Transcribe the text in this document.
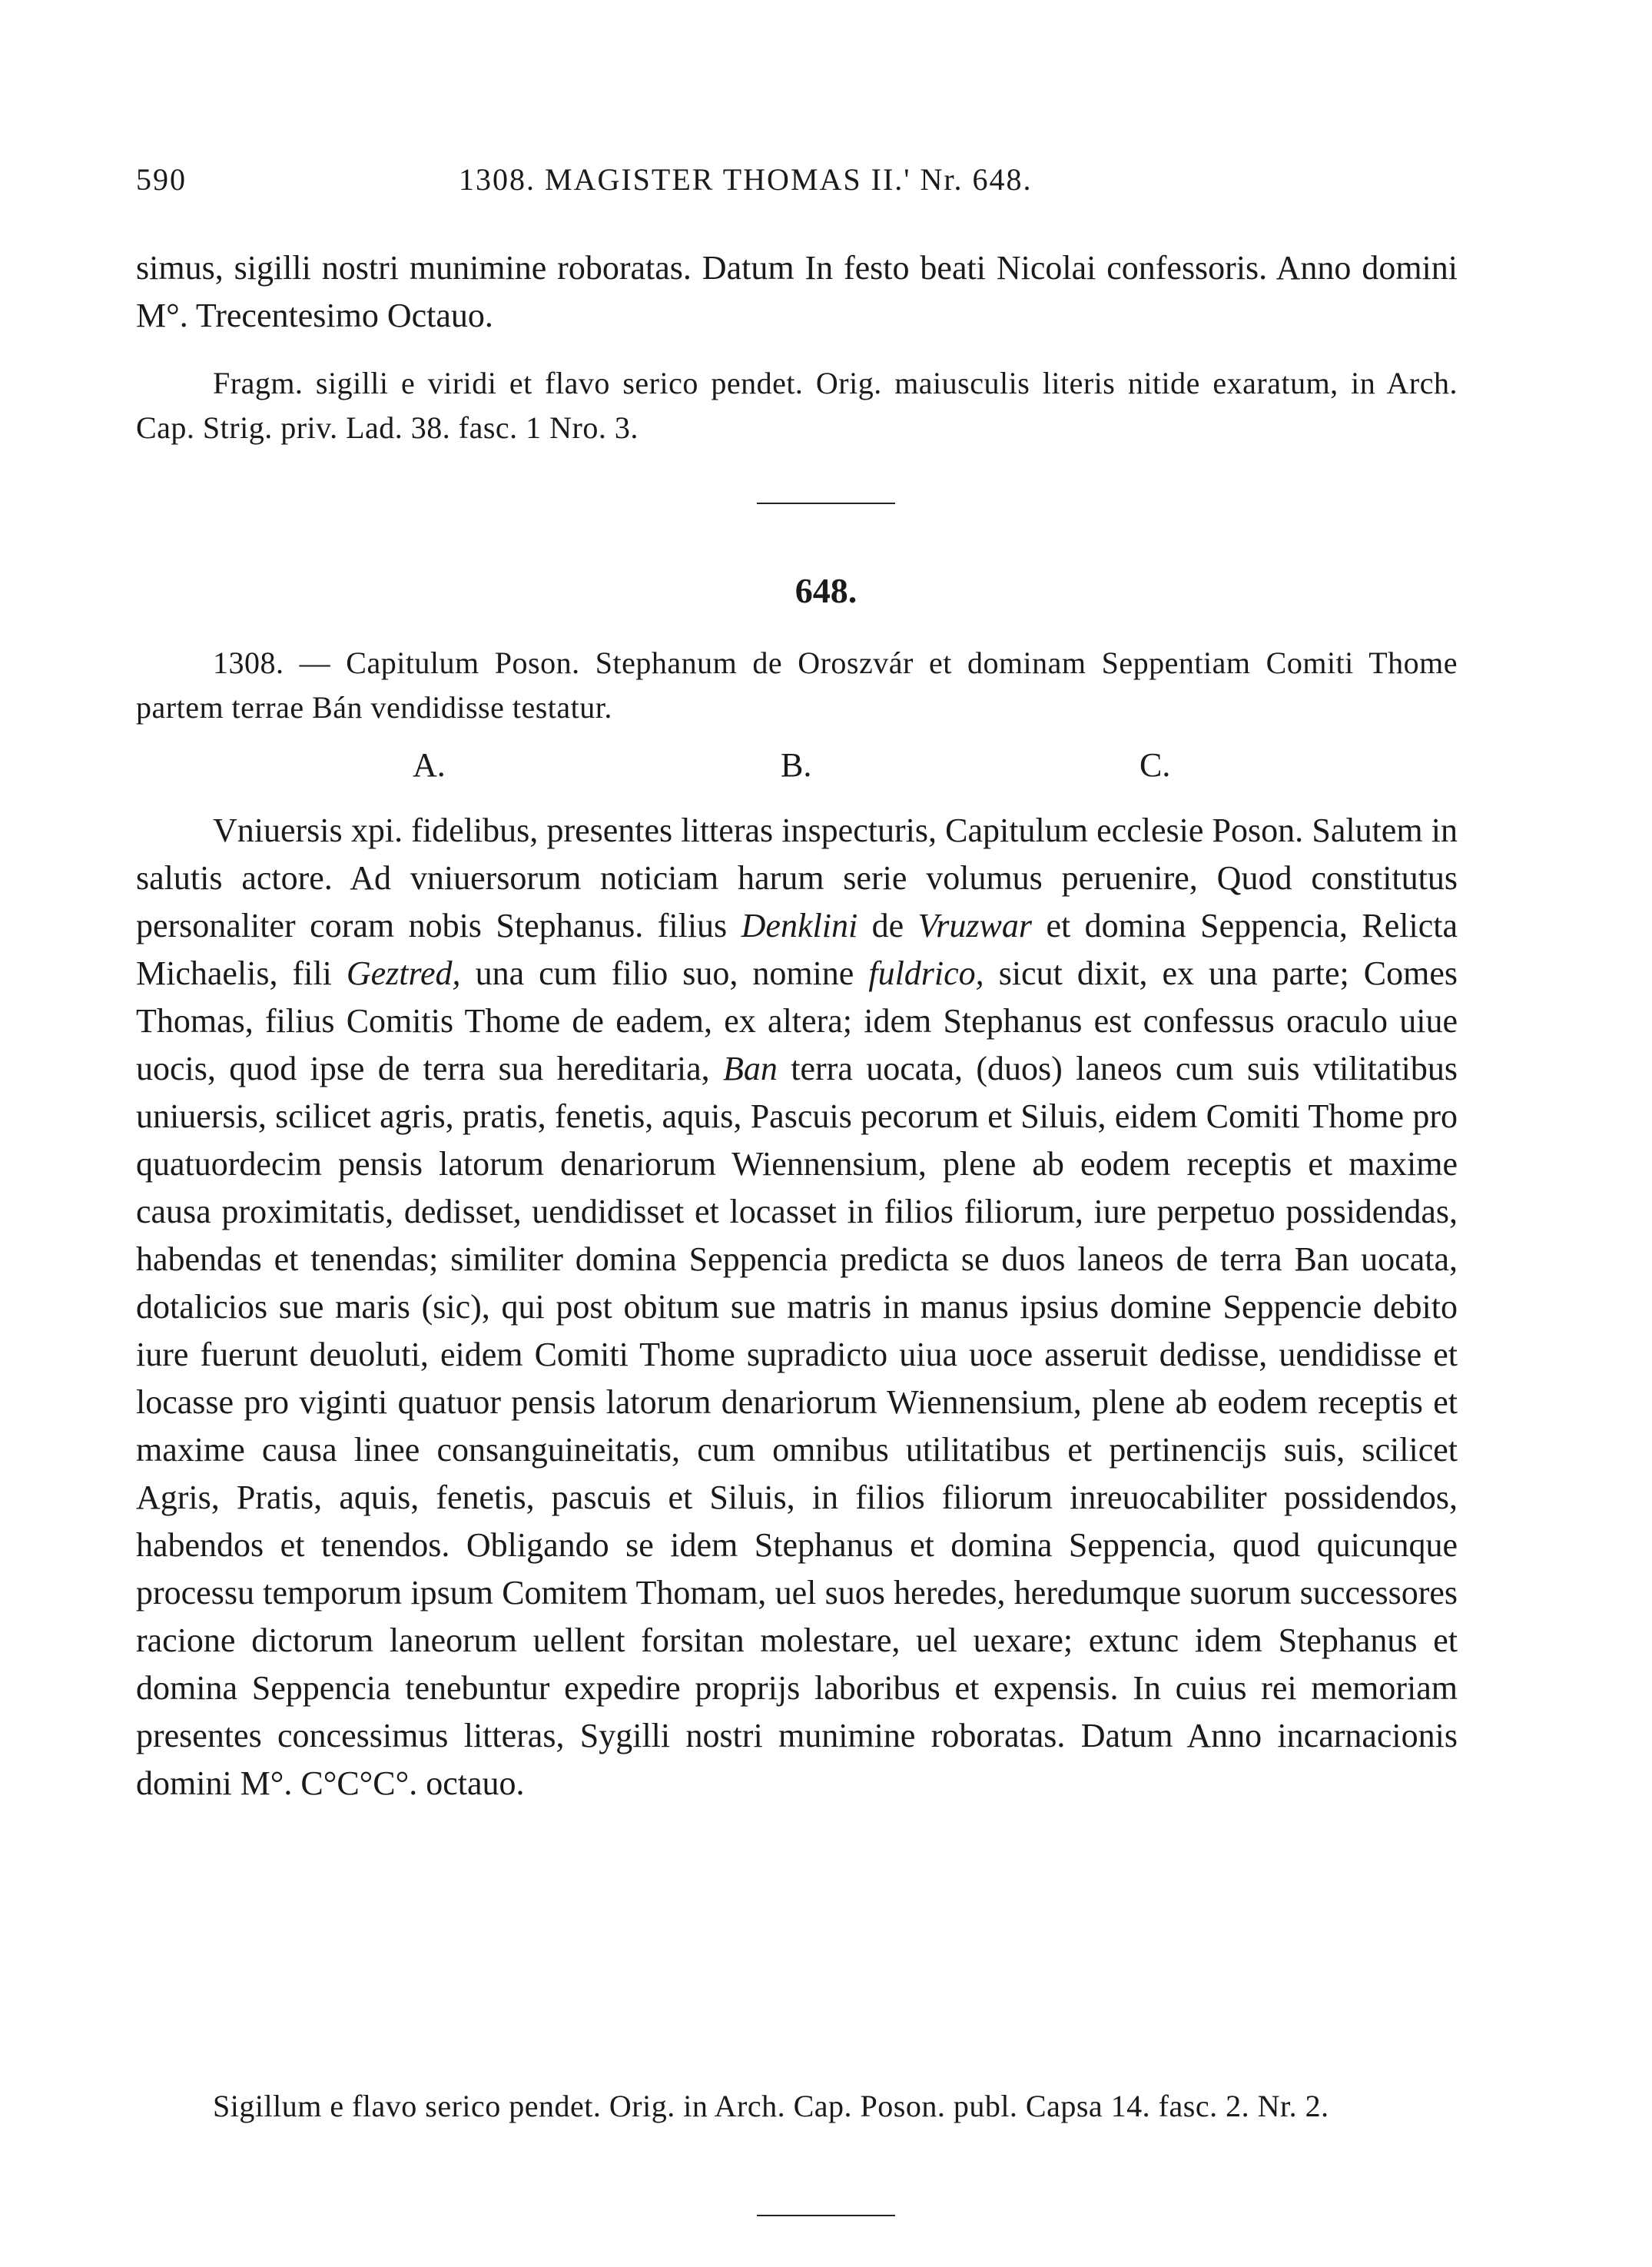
590	1308. MAGISTER THOMAS II.' Nr. 648.

simus, sigilli nostri munimine roboratas. Datum In festo beati Nicolai confessoris. Anno domini M°. Trecentesimo Octauo.

Fragm. sigilli e viridi et flavo serico pendet. Orig. maiusculis literis nitide exaratum, in Arch. Cap. Strig. priv. Lad. 38. fasc. 1 Nro. 3.

648.

1308. — Capitulum Poson. Stephanum de Oroszvár et dominam Seppentiam Comiti Thome partem terrae Bán vendidisse testatur.

A.	B.	C.

Vniuersis xpi. fidelibus, presentes litteras inspecturis, Capitulum ecclesie Poson. Salutem in salutis actore. Ad vniuersorum noticiam harum serie volumus peruenire, Quod constitutus personaliter coram nobis Stephanus. filius Denklini de Vruzwar et domina Seppencia, Relicta Michaelis, fili Geztred, una cum filio suo, nomine fuldrico, sicut dixit, ex una parte; Comes Thomas, filius Comitis Thome de eadem, ex altera; idem Stephanus est confessus oraculo uiue uocis, quod ipse de terra sua hereditaria, Ban terra uocata, (duos) laneos cum suis vtilitatibus uniuersis, scilicet agris, pratis, fenetis, aquis, Pascuis pecorum et Siluis, eidem Comiti Thome pro quatuordecim pensis latorum denariorum Wiennensium, plene ab eodem receptis et maxime causa proximitatis, dedisset, uendidisset et locasset in filios filiorum, iure perpetuo possidendas, habendas et tenendas; similiter domina Seppencia predicta se duos laneos de terra Ban uocata, dotalicios sue maris (sic), qui post obitum sue matris in manus ipsius domine Seppencie debito iure fuerunt deuoluti, eidem Comiti Thome supradicto uiua uoce asseruit dedisse, uendidisse et locasse pro viginti quatuor pensis latorum denariorum Wiennensium, plene ab eodem receptis et maxime causa linee consanguineitatis, cum omnibus utilitatibus et pertinencijs suis, scilicet Agris, Pratis, aquis, fenetis, pascuis et Siluis, in filios filiorum inreuocabiliter possidendos, habendos et tenendos. Obligando se idem Stephanus et domina Seppencia, quod quicunque processu temporum ipsum Comitem Thomam, uel suos heredes, heredumque suorum successores racione dictorum laneorum uellent forsitan molestare, uel uexare; extunc idem Stephanus et domina Seppencia tenebuntur expedire proprijs laboribus et expensis. In cuius rei memoriam presentes concessimus litteras, Sygilli nostri munimine roboratas. Datum Anno incarnacionis domini M°. C°C°C°. octauo.

Sigillum e flavo serico pendet. Orig. in Arch. Cap. Poson. publ. Capsa 14. fasc. 2. Nr. 2.
